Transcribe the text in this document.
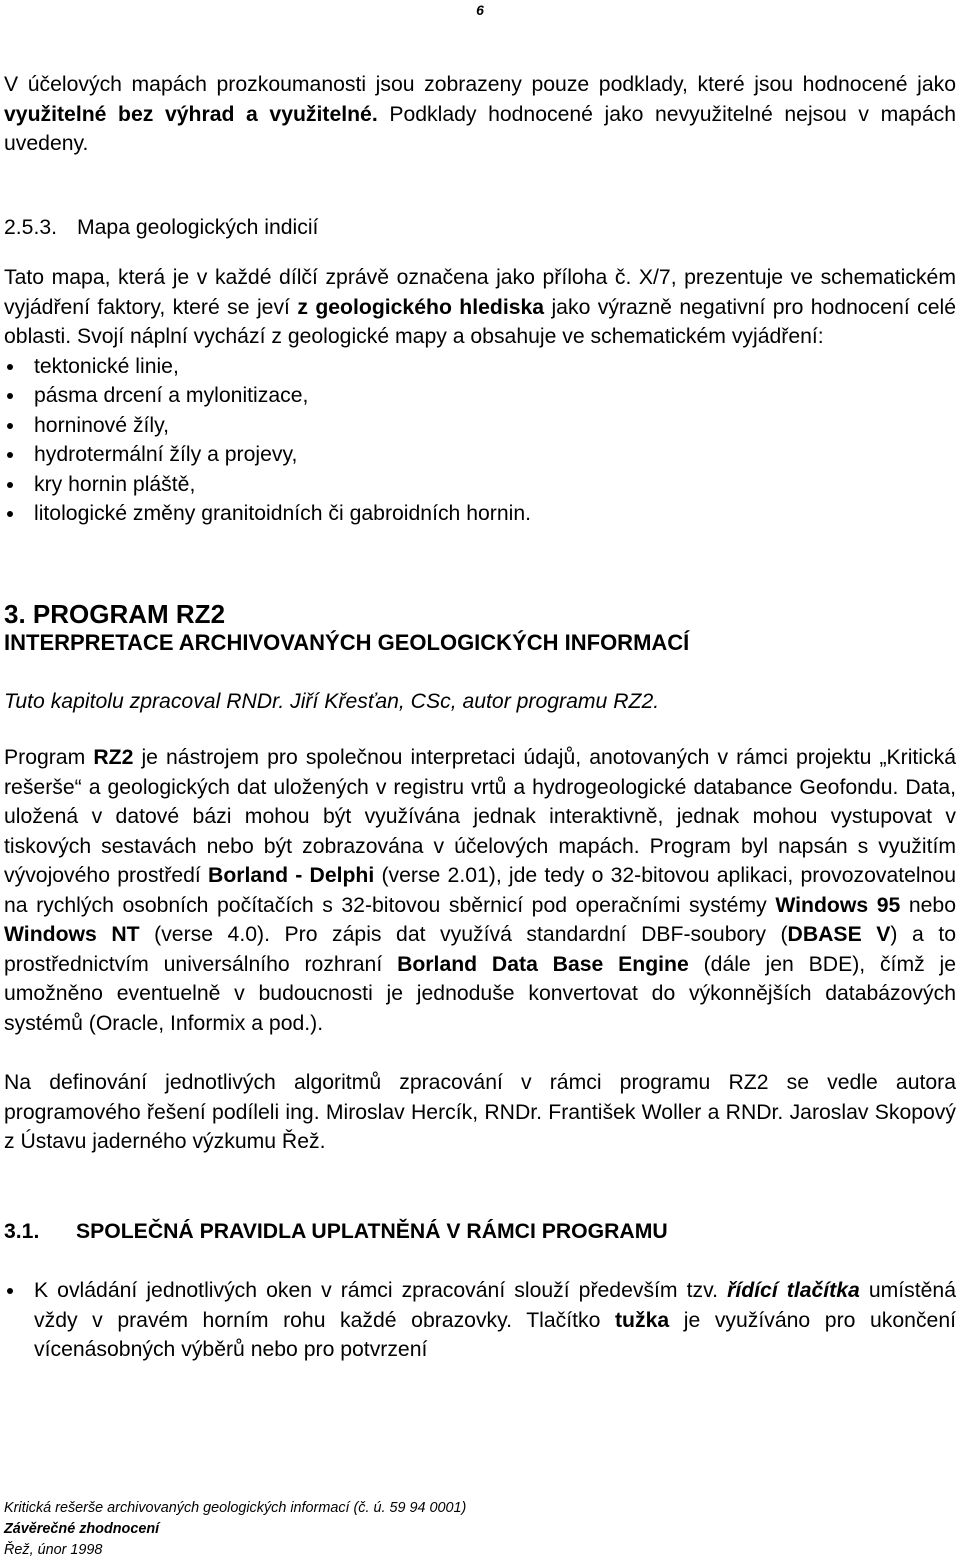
6

V účelových mapách prozkoumanosti jsou zobrazeny pouze podklady, které jsou hodnocené jako využitelné bez výhrad a využitelné. Podklady hodnocené jako nevyužitelné nejsou v mapách uvedeny.

2.5.3. Mapa geologických indicií

Tato mapa, která je v každé dílčí zprávě označena jako příloha č. X/7, prezentuje ve schematickém vyjádření faktory, které se jeví z geologického hlediska jako výrazně negativní pro hodnocení celé oblasti. Svojí náplní vychází z geologické mapy a obsahuje ve schematickém vyjádření:

tektonické linie,
pásma drcení a mylonitizace,
horninové žíly,
hydrotermální žíly a projevy,
kry hornin pláště,
litologické změny granitoidních či gabroidních hornin.
3. PROGRAM RZ2
INTERPRETACE ARCHIVOVANÝCH GEOLOGICKÝCH INFORMACÍ

Tuto kapitolu zpracoval RNDr. Jiří Křesťan, CSc, autor programu RZ2.

Program RZ2 je nástrojem pro společnou interpretaci údajů, anotovaných v rámci projektu „Kritická rešerše“ a geologických dat uložených v registru vrtů a hydrogeologické databance Geofondu. Data, uložená v datové bázi mohou být využívána jednak interaktivně, jednak mohou vystupovat v tiskových sestavách nebo být zobrazována v účelových mapách. Program byl napsán s využitím vývojového prostředí Borland - Delphi (verse 2.01), jde tedy o 32-bitovou aplikaci, provozovatelnou na rychlých osobních počítačích s 32-bitovou sběrnicí pod operačními systémy Windows 95 nebo Windows NT (verse 4.0). Pro zápis dat využívá standardní DBF-soubory (DBASE V) a to prostřednictvím universálního rozhraní Borland Data Base Engine (dále jen BDE), čímž je umožněno eventuelně v budoucnosti je jednoduše konvertovat do výkonnějších databázových systémů (Oracle, Informix a pod.).

Na definování jednotlivých algoritmů zpracování v rámci programu RZ2 se vedle autora programového řešení podíleli ing. Miroslav Hercík, RNDr. František Woller a RNDr. Jaroslav Skopový z Ústavu jaderného výzkumu Řež.

3.1. SPOLEČNÁ PRAVIDLA UPLATNĚNÁ V RÁMCI PROGRAMU
K ovládání jednotlivých oken v rámci zpracování slouží především tzv. řídící tlačítka umístěná vždy v pravém horním rohu každé obrazovky. Tlačítko tužka je využíváno pro ukončení vícenásobných výběrů nebo pro potvrzení
Kritická rešerše archivovaných geologických informací (č. ú. 59 94 0001)
Závěrečné zhodnocení
Řež, únor 1998
